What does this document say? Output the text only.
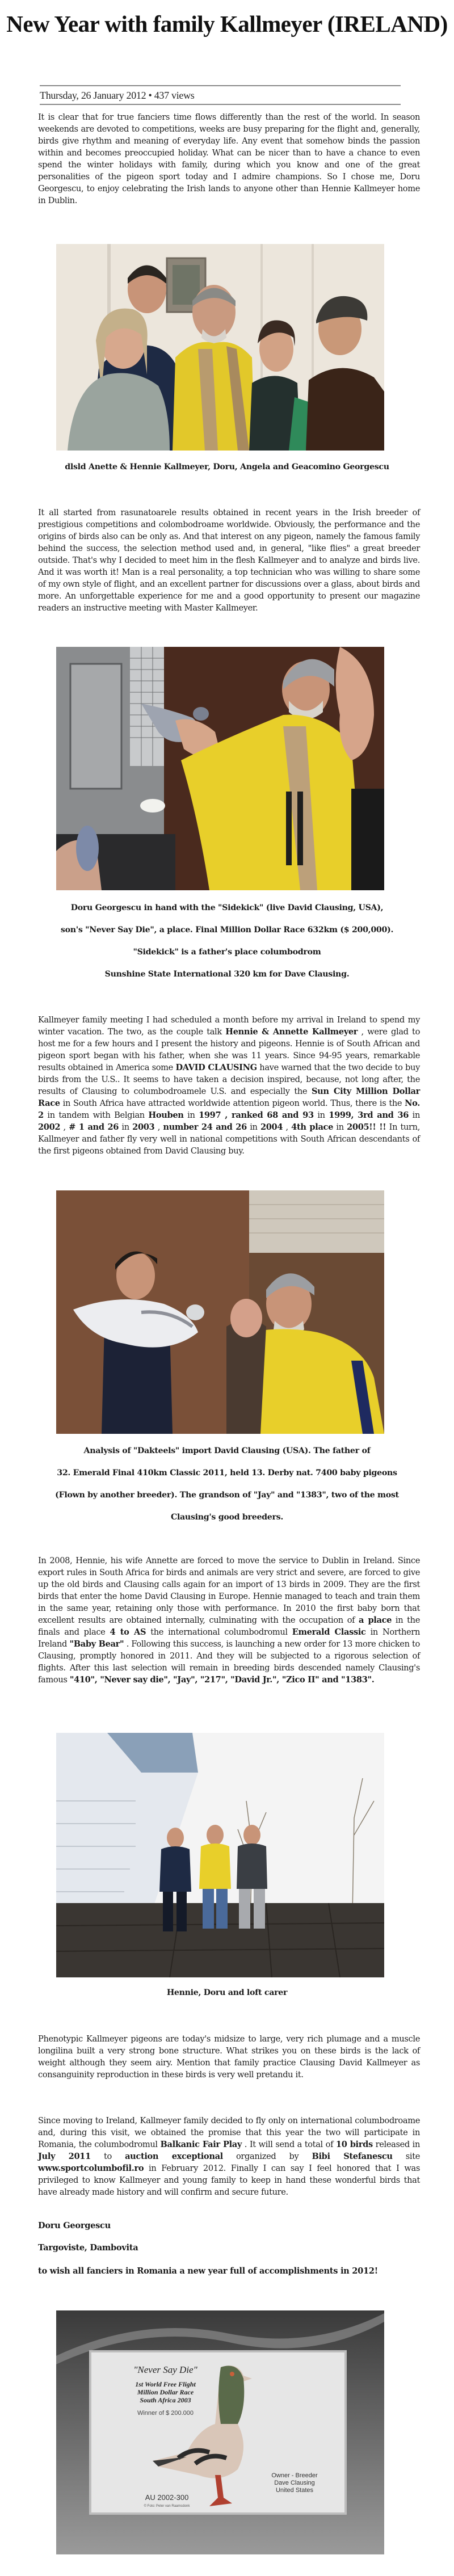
New Year with family Kallmeyer (IRELAND)
Thursday, 26 January 2012 • 437 views

It is clear that for true fanciers time flows differently than the rest of the world. In season weekends are devoted to competitions, weeks are busy preparing for the flight and, generally, birds give rhythm and meaning of everyday life. Any event that somehow binds the passion within and becomes preoccupied holiday. What can be nicer than to have a chance to even spend the winter holidays with family, during which you know and one of the great personalities of the pigeon sport today and I admire champions. So I chose me, Doru Georgescu, to enjoy celebrating the Irish lands to anyone other than Hennie Kallmeyer home in Dublin.

dlsld Anette & Hennie Kallmeyer, Doru, Angela and Geacomino Georgescu

It all started from rasunatoarele results obtained in recent years in the Irish breeder of prestigious competitions and colombodroame worldwide. Obviously, the performance and the origins of birds also can be only as. And that interest on any pigeon, namely the famous family behind the success, the selection method used and, in general, "like flies" a great breeder outside. That's why I decided to meet him in the flesh Kallmeyer and to analyze and birds live. And it was worth it! Man is a real personality, a top technician who was willing to share some of my own style of flight, and an excellent partner for discussions over a glass, about birds and more. An unforgettable experience for me and a good opportunity to present our magazine readers an instructive meeting with Master Kallmeyer.

Doru Georgescu in hand with the "Sidekick" (live David Clausing, USA),
son's "Never Say Die", a place. Final Million Dollar Race 632km ($ 200,000).
"Sidekick" is a father's place columbodrom
Sunshine State International 320 km for Dave Clausing.

Kallmeyer family meeting I had scheduled a month before my arrival in Ireland to spend my winter vacation. The two, as the couple talk Hennie & Annette Kallmeyer , were glad to host me for a few hours and I present the history and pigeons. Hennie is of South African and pigeon sport began with his father, when she was 11 years. Since 94-95 years, remarkable results obtained in America some DAVID CLAUSING have warned that the two decide to buy birds from the U.S.. It seems to have taken a decision inspired, because, not long after, the results of Clausing to columbodroamele U.S. and especially the Sun City Million Dollar Race in South Africa have attracted worldwide attention pigeon world. Thus, there is the No. 2 in tandem with Belgian Houben in 1997 , ranked 68 and 93 in 1999, 3rd and 36 in 2002 , # 1 and 26 in 2003 , number 24 and 26 in 2004 , 4th place in 2005!! !! In turn, Kallmeyer and father fly very well in national competitions with South African descendants of the first pigeons obtained from David Clausing buy.

Analysis of "Dakteels" import David Clausing (USA). The father of
32. Emerald Final 410km Classic 2011, held 13. Derby nat. 7400 baby pigeons
(Flown by another breeder). The grandson of "Jay" and "1383", two of the most
Clausing's good breeders.

In 2008, Hennie, his wife Annette are forced to move the service to Dublin in Ireland. Since export rules in South Africa for birds and animals are very strict and severe, are forced to give up the old birds and Clausing calls again for an import of 13 birds in 2009. They are the first birds that enter the home David Clausing in Europe. Hennie managed to teach and train them in the same year, retaining only those with performance. In 2010 the first baby born that excellent results are obtained internally, culminating with the occupation of a place in the finals and place 4 to AS the international columbodromul Emerald Classic in Northern Ireland "Baby Bear" . Following this success, is launching a new order for 13 more chicken to Clausing, promptly honored in 2011. And they will be subjected to a rigorous selection of flights. After this last selection will remain in breeding birds descended namely Clausing's famous "410", "Never say die", "Jay", "217", "David Jr.", "Zico II" and "1383".

Hennie, Doru and loft carer

Phenotypic Kallmeyer pigeons are today's midsize to large, very rich plumage and a muscle longilina built a very strong bone structure. What strikes you on these birds is the lack of weight although they seem airy. Mention that family practice Clausing David Kallmeyer as consanguinity reproduction in these birds is very well pretandu it.

Since moving to Ireland, Kallmeyer family decided to fly only on international columbodroame and, during this visit, we obtained the promise that this year the two will participate in Romania, the columbodromul Balkanic Fair Play . It will send a total of 10 birds released in July 2011 to auction exceptional organized by Bibi Stefanescu site www.sportcolumbofil.ro in February 2012. Finally I can say I feel honored that I was privileged to know Kallmeyer and young family to keep in hand these wonderful birds that have already made history and will confirm and secure future.

Doru Georgescu
Targoviste, Dambovita
to wish all fanciers in Romania a new year full of accomplishments in 2012!
"Never Say Die"
1st World Free Flight
Million Dollar Race
South Africa 2003
Winner of $ 200.000
Owner - Breeder
Dave Clausing
United States
AU 2002-300
© Foto: Peter van Raamsdonk
